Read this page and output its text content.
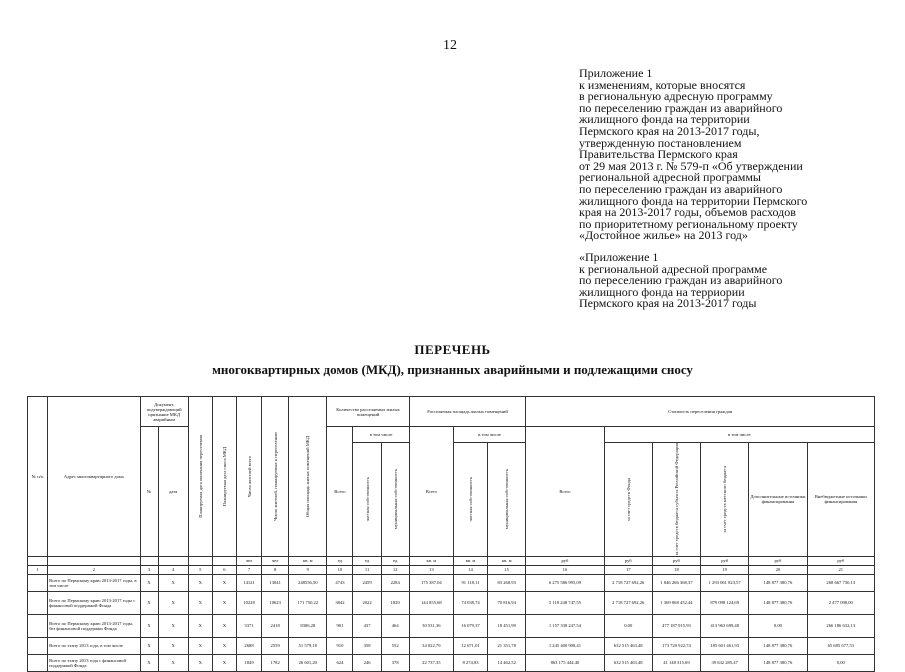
12
Приложение 1
к изменениям, которые вносятся
в региональную адресную программу
по переселению граждан из аварийного
жилищного фонда на территории
Пермского края на 2013-2017 годы,
утвержденную постановлением
Правительства Пермского края
от 29 мая 2013 г. № 579-п «Об утверждении
региональной адресной программы
по переселению граждан из аварийного
жилищного фонда на территории Пермского
края на 2013-2017 годы, объемов расходов
по приоритетному региональному проекту
«Достойное жилье» на 2013 год»
«Приложение 1
к региональной адресной программе
по переселению граждан из аварийного
жилищного фонда на терриории
Пермского края на 2013-2017 годы
ПЕРЕЧЕНЬ
многоквартирных домов (МКД), признанных аварийными и подлежащими сносу
№ п/п	Адрес многоквартирного дома	Документ, подтверждающий признание МКД аварийным		Планируемая дата окончания переселения	Планируемая дата сноса МКД	Число жителей всего	Число жителей, планируемых к переселению	Общая площадь жилых помещений МКД	Количество расселяемых жилых помещений			Расселяемая площадь жилых помещений			Стоимость переселения граждан					
		№	дата						Всего	в том числе		Всего	в том числе		Всего	в том числе				

										частная собственность	муниципальная собственность		частная собственность	муниципальная собственность		за счет средств Фонда	за счет средств бюджета субъекта Российской Федерации	за счет средств местного бюджета	Дополнительные источники финансирования	Внебюджетные источники финансирования
						чел	чел	кв. м	ед	ед	ед	кв. м	кв. м	кв. м	руб	руб	руб	руб	руб	руб
1	2	3	4	5	6	7	8	9	10	11	12	13	14	15	16	17	18	19	20	21
	Всего по Пермскому краю 2013-2017 годы, в том числе	X	X	X	X	14121	13041	248556,50	4743	2459	2284	175 387,04	91 118,11	83 268,93	6 275 586 995,09	2 718 727 692,26	1 846 266 368,37	1 293 061 823,57	148 877 380,76	268 667 730,13
	Всего по Пермскому краю 2013-2017 годы с финансовой поддержкой Фонда	X	X	X	X	10228	10623	171 750,22	3842	2022	1820	144 855,68	74 038,74	70 816,94	5 118 248 747,55	2 718 727 692,26	1 369 068 452,44	879 098 124,69	148 877 380,76	2 477 098,00
	Всего по Пермскому краю 2013-2017 годы, без финансовой поддержки Фонда	X	X	X	X	3371	2418	8306,28	901	437	464	30 531,36	16 079,37	18 451,99	1 157 338 247,54	0,00	477 187 915,93	413 963 699,48	0,00	266 186 632,13
	Всего по этапу 2013 года, в том числе	X	X	X	X	2688	2559	51 579,18	910	358	552	34 022,79	12 671,01	21 351,78	1 245 400 908,41	632 515 463,48	173 720 922,74	185 601 461,93	148 877 380,76	65 685 677,53
	Всего по этапу 2013 года с финансовой поддержкой Фонда	X	X	X	X	1849	1782	26 601,20	624	246	378	22 737,35	8 274,83	14 462,52	863 175 444,40	632 515 463,48	41 148 315,69	39 632 285,47	148 877 380,76	0,00
